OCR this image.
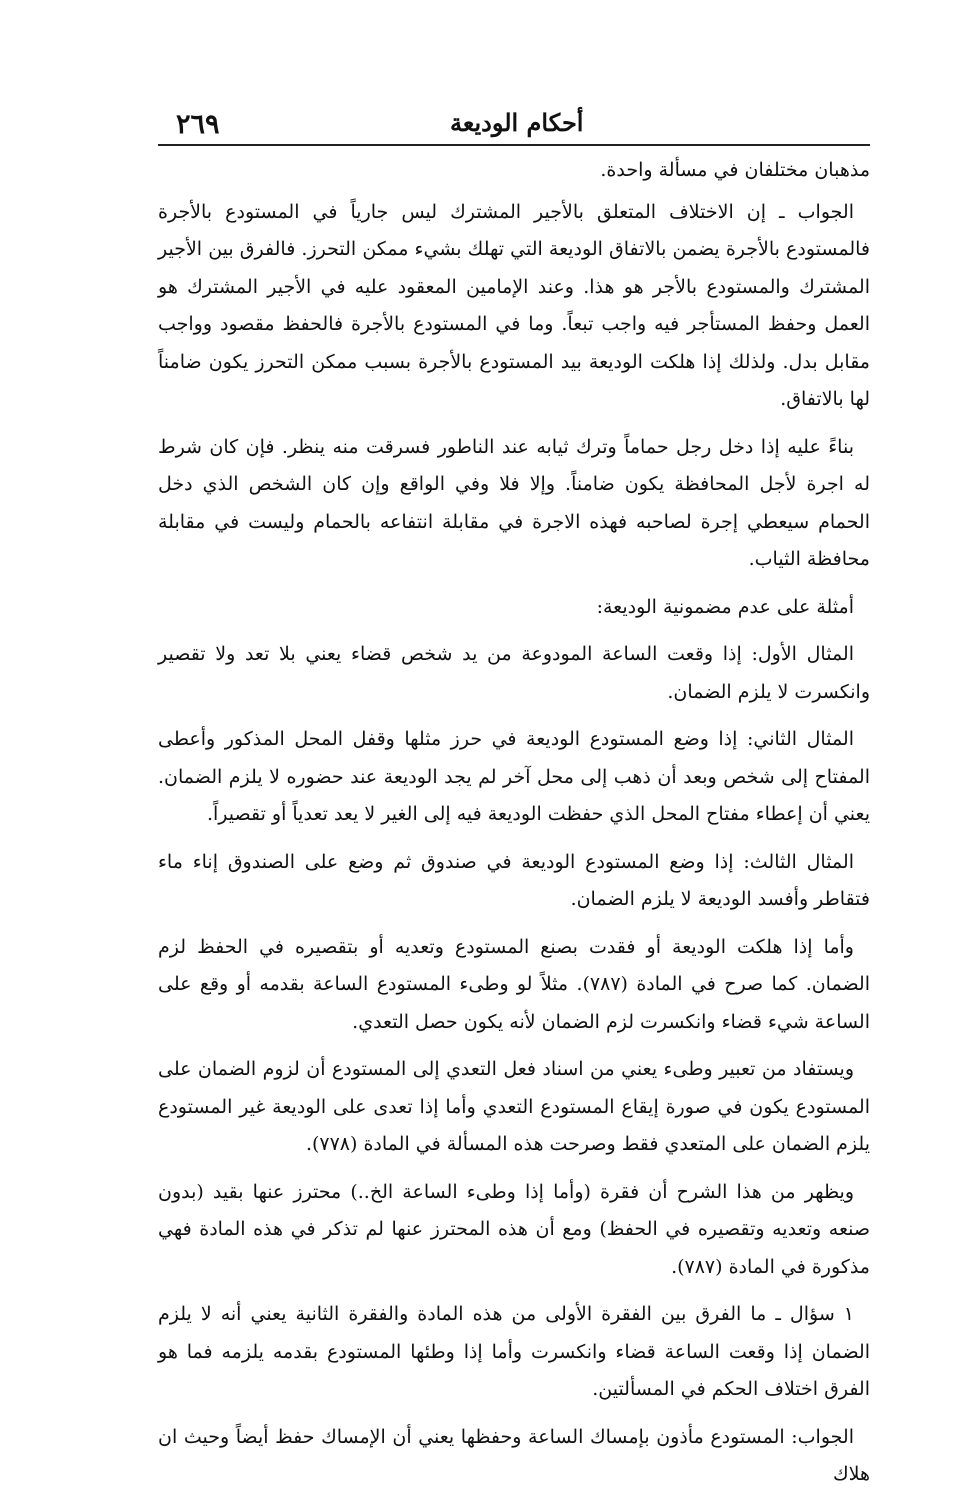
٢٦٩	أحكام الوديعة

مذهبان مختلفان في مسألة واحدة.

الجواب ـ إن الاختلاف المتعلق بالأجير المشترك ليس جارياً في المستودع بالأجرة فالمستودع بالأجرة يضمن بالاتفاق الوديعة التي تهلك بشيء ممكن التحرز. فالفرق بين الأجير المشترك والمستودع بالأجر هو هذا. وعند الإمامين المعقود عليه في الأجير المشترك هو العمل وحفظ المستأجر فيه واجب تبعاً. وما في المستودع بالأجرة فالحفظ مقصود وواجب مقابل بدل. ولذلك إذا هلكت الوديعة بيد المستودع بالأجرة بسبب ممكن التحرز يكون ضامناً لها بالاتفاق.

بناءً عليه إذا دخل رجل حماماً وترك ثيابه عند الناطور فسرقت منه ينظر. فإن كان شرط له اجرة لأجل المحافظة يكون ضامناً. وإلا فلا وفي الواقع وإن كان الشخص الذي دخل الحمام سيعطي إجرة لصاحبه فهذه الاجرة في مقابلة انتفاعه بالحمام وليست في مقابلة محافظة الثياب.

أمثلة على عدم مضمونية الوديعة:

المثال الأول: إذا وقعت الساعة المودوعة من يد شخص قضاء يعني بلا تعد ولا تقصير وانكسرت لا يلزم الضمان.

المثال الثاني: إذا وضع المستودع الوديعة في حرز مثلها وقفل المحل المذكور وأعطى المفتاح إلى شخص وبعد أن ذهب إلى محل آخر لم يجد الوديعة عند حضوره لا يلزم الضمان. يعني أن إعطاء مفتاح المحل الذي حفظت الوديعة فيه إلى الغير لا يعد تعدياً أو تقصيراً.

المثال الثالث: إذا وضع المستودع الوديعة في صندوق ثم وضع على الصندوق إناء ماء فتقاطر وأفسد الوديعة لا يلزم الضمان.

وأما إذا هلكت الوديعة أو فقدت بصنع المستودع وتعديه أو بتقصيره في الحفظ لزم الضمان. كما صرح في المادة (٧٨٧). مثلاً لو وطىء المستودع الساعة بقدمه أو وقع على الساعة شيء قضاء وانكسرت لزم الضمان لأنه يكون حصل التعدي.

ويستفاد من تعبير وطىء يعني من اسناد فعل التعدي إلى المستودع أن لزوم الضمان على المستودع يكون في صورة إيقاع المستودع التعدي وأما إذا تعدى على الوديعة غير المستودع يلزم الضمان على المتعدي فقط وصرحت هذه المسألة في المادة (٧٧٨).

ويظهر من هذا الشرح أن فقرة (وأما إذا وطىء الساعة الخ..) محترز عنها بقيد (بدون صنعه وتعديه وتقصيره في الحفظ) ومع أن هذه المحترز عنها لم تذكر في هذه المادة فهي مذكورة في المادة (٧٨٧).

١ سؤال ـ ما الفرق بين الفقرة الأولى من هذه المادة والفقرة الثانية يعني أنه لا يلزم الضمان إذا وقعت الساعة قضاء وانكسرت وأما إذا وطئها المستودع بقدمه يلزمه فما هو الفرق اختلاف الحكم في المسألتين.

الجواب: المستودع مأذون بإمساك الساعة وحفظها يعني أن الإمساك حفظ أيضاً وحيث ان هلاك
